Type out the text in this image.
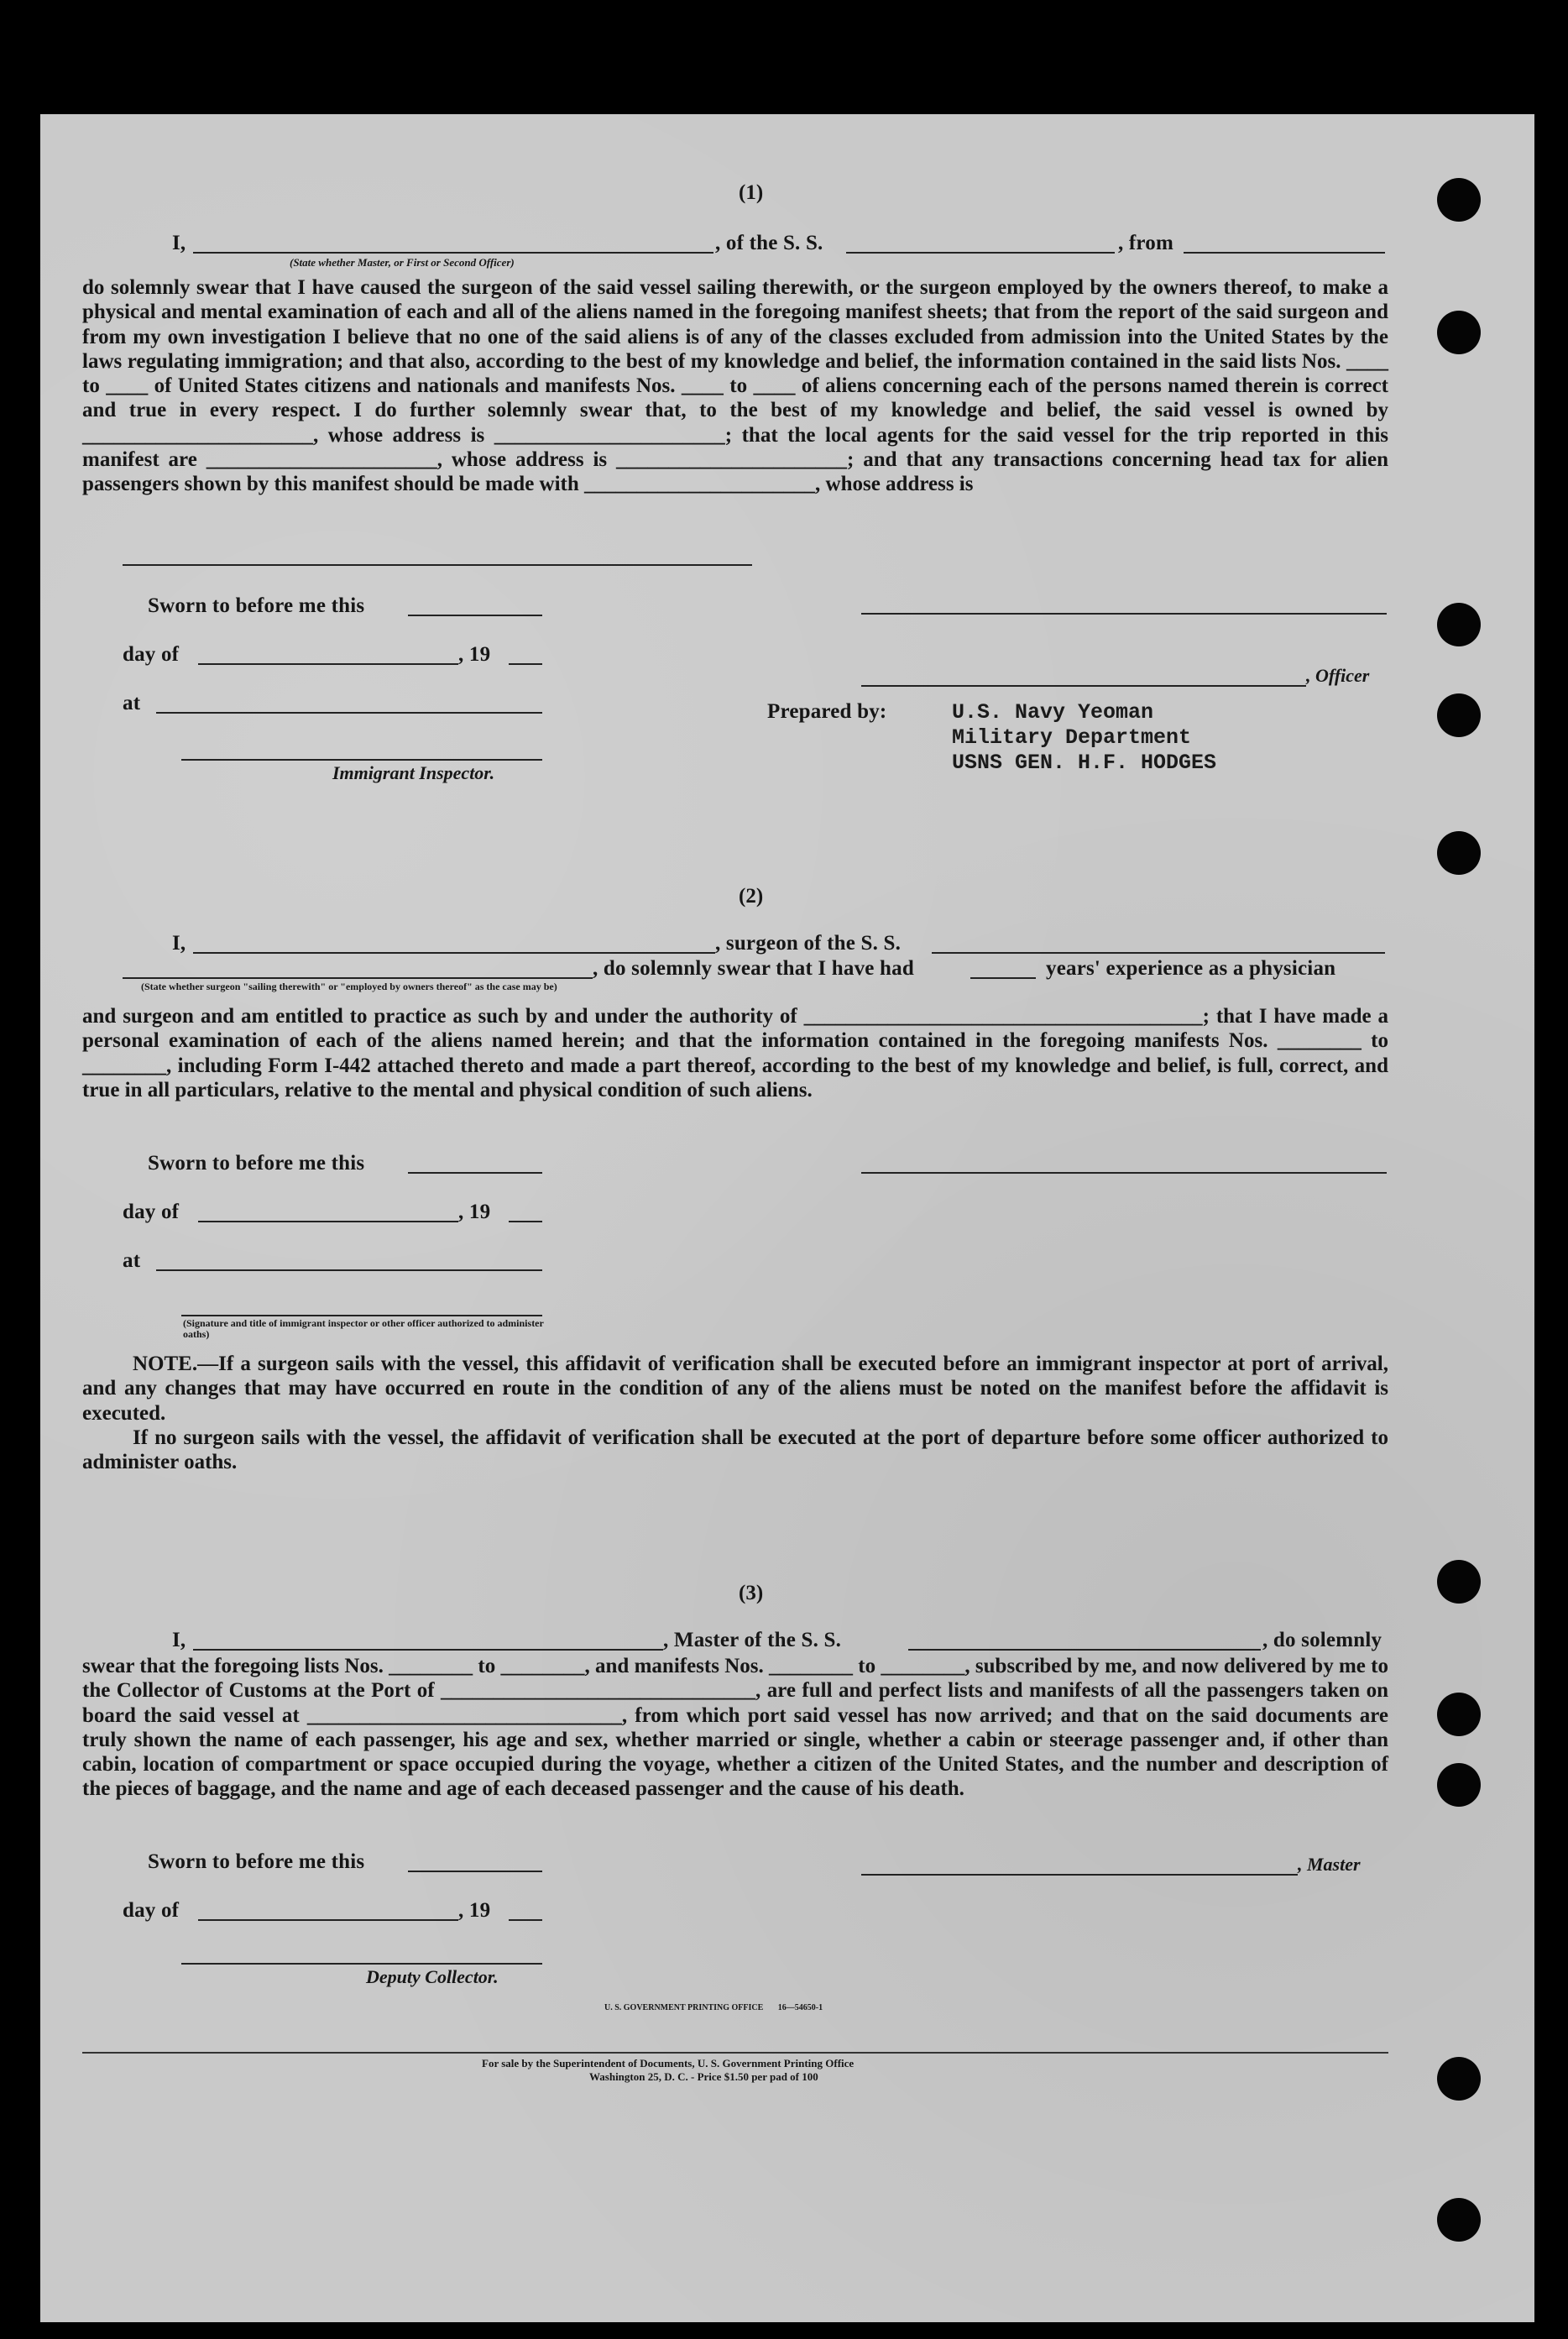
(1)
I,	, of the S. S.	, from
(State whether Master, or First or Second Officer)

do solemnly swear that I have caused the surgeon of the said vessel sailing therewith, or the surgeon employed by the owners thereof, to make a physical and mental examination of each and all of the aliens named in the foregoing manifest sheets; that from the report of the said surgeon and from my own investigation I believe that no one of the said aliens is of any of the classes excluded from admission into the United States by the laws regulating immigration; and that also, according to the best of my knowledge and belief, the information contained in the said lists Nos. ____ to ____ of United States citizens and nationals and manifests Nos. ____ to ____ of aliens concerning each of the persons named therein is correct and true in every respect. I do further solemnly swear that, to the best of my knowledge and belief, the said vessel is owned by ______________________, whose address is ______________________; that the local agents for the said vessel for the trip reported in this manifest are ______________________, whose address is ______________________; and that any transactions concerning head tax for alien passengers shown by this manifest should be made with ______________________, whose address is

Sworn to before me this
day of	, 19
at
Immigrant Inspector.
, Officer
Prepared by:	U.S. Navy Yeoman
Military Department
USNS GEN. H.F. HODGES
(2)
I,	, surgeon of the S. S.
, do solemnly swear that I have had	years' experience as a physician
(State whether surgeon "sailing therewith" or "employed by owners thereof" as the case may be)

and surgeon and am entitled to practice as such by and under the authority of ______________________________________; that I have made a personal examination of each of the aliens named herein; and that the information contained in the foregoing manifests Nos. ________ to ________, including Form I-442 attached thereto and made a part thereof, according to the best of my knowledge and belief, is full, correct, and true in all particulars, relative to the mental and physical condition of such aliens.

Sworn to before me this
day of	, 19
at
(Signature and title of immigrant inspector or other officer authorized to administer oaths)

NOTE.—If a surgeon sails with the vessel, this affidavit of verification shall be executed before an immigrant inspector at port of arrival, and any changes that may have occurred en route in the condition of any of the aliens must be noted on the manifest before the affidavit is executed.

If no surgeon sails with the vessel, the affidavit of verification shall be executed at the port of departure before some officer authorized to administer oaths.

(3)
I,	, Master of the S. S.	, do solemnly

swear that the foregoing lists Nos. ________ to ________, and manifests Nos. ________ to ________, subscribed by me, and now delivered by me to the Collector of Customs at the Port of ______________________________, are full and perfect lists and manifests of all the passengers taken on board the said vessel at ______________________________, from which port said vessel has now arrived; and that on the said documents are truly shown the name of each passenger, his age and sex, whether married or single, whether a cabin or steerage passenger and, if other than cabin, location of compartment or space occupied during the voyage, whether a citizen of the United States, and the number and description of the pieces of baggage, and the name and age of each deceased passenger and the cause of his death.

Sworn to before me this
day of	, 19
, Master
Deputy Collector.
U. S. GOVERNMENT PRINTING OFFICE       16—54650-1
For sale by the Superintendent of Documents, U. S. Government Printing Office
Washington 25, D. C. - Price $1.50 per pad of 100
